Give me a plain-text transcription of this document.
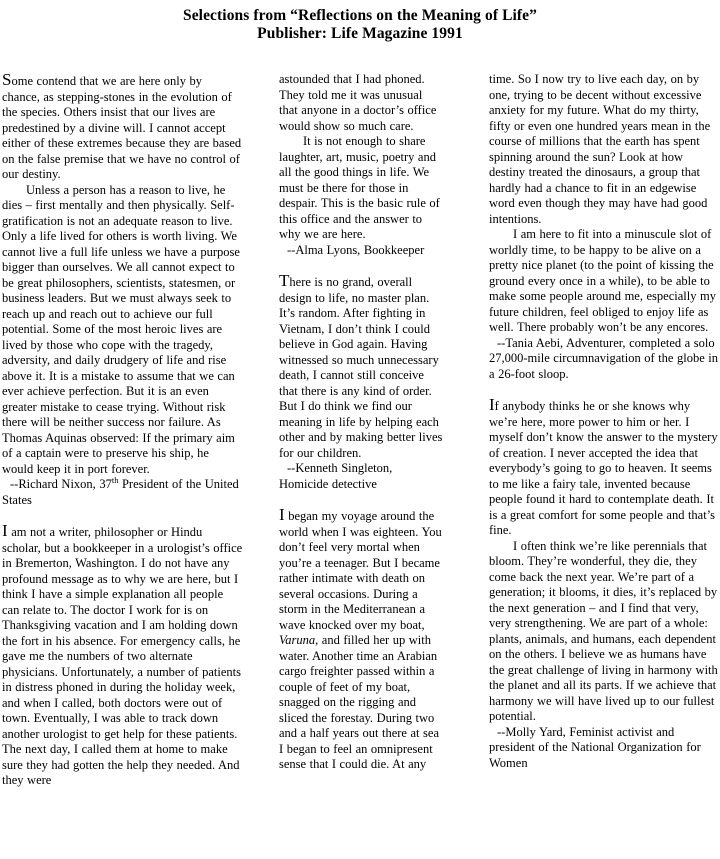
Selections from “Reflections on the Meaning of Life”
Publisher: Life Magazine 1991

Some contend that we are here only by chance, as stepping-stones in the evolution of the species. Others insist that our lives are predestined by a divine will. I cannot accept either of these extremes because they are based on the false premise that we have no control of our destiny.

Unless a person has a reason to live, he dies – first mentally and then physically. Self-gratification is not an adequate reason to live. Only a life lived for others is worth living. We cannot live a full life unless we have a purpose bigger than ourselves. We all cannot expect to be great philosophers, scientists, statesmen, or business leaders. But we must always seek to reach up and reach out to achieve our full potential. Some of the most heroic lives are lived by those who cope with the tragedy, adversity, and daily drudgery of life and rise above it. It is a mistake to assume that we can ever achieve perfection. But it is an even greater mistake to cease trying. Without risk there will be neither success nor failure. As Thomas Aquinas observed: If the primary aim of a captain were to preserve his ship, he would keep it in port forever.

--Richard Nixon, 37th President of the United States

I am not a writer, philosopher or Hindu scholar, but a bookkeeper in a urologist’s office in Bremerton, Washington. I do not have any profound message as to why we are here, but I think I have a simple explanation all people can relate to. The doctor I work for is on Thanksgiving vacation and I am holding down the fort in his absence. For emergency calls, he gave me the numbers of two alternate physicians. Unfortunately, a number of patients in distress phoned in during the holiday week, and when I called, both doctors were out of town. Eventually, I was able to track down another urologist to get help for these patients. The next day, I called them at home to make sure they had gotten the help they needed. And they were

astounded that I had phoned. They told me it was unusual that anyone in a doctor’s office would show so much care.

It is not enough to share laughter, art, music, poetry and all the good things in life. We must be there for those in despair. This is the basic rule of this office and the answer to why we are here.

--Alma Lyons, Bookkeeper

There is no grand, overall design to life, no master plan. It’s random. After fighting in Vietnam, I don’t think I could believe in God again. Having witnessed so much unnecessary death, I cannot still conceive that there is any kind of order. But I do think we find our meaning in life by helping each other and by making better lives for our children.

--Kenneth Singleton, Homicide detective

I began my voyage around the world when I was eighteen. You don’t feel very mortal when you’re a teenager. But I became rather intimate with death on several occasions. During a storm in the Mediterranean a wave knocked over my boat, Varuna, and filled her up with water. Another time an Arabian cargo freighter passed within a couple of feet of my boat, snagged on the rigging and sliced the forestay. During two and a half years out there at sea I began to feel an omnipresent sense that I could die. At any

time. So I now try to live each day, on by one, trying to be decent without excessive anxiety for my future. What do my thirty, fifty or even one hundred years mean in the course of millions that the earth has spent spinning around the sun? Look at how destiny treated the dinosaurs, a group that hardly had a chance to fit in an edgewise word even though they may have had good intentions.

I am here to fit into a minuscule slot of worldly time, to be happy to be alive on a pretty nice planet (to the point of kissing the ground every once in a while), to be able to make some people around me, especially my future children, feel obliged to enjoy life as well. There probably won’t be any encores.

--Tania Aebi, Adventurer, completed a solo 27,000-mile circumnavigation of the globe in a 26-foot sloop.

If anybody thinks he or she knows why we’re here, more power to him or her. I myself don’t know the answer to the mystery of creation. I never accepted the idea that everybody’s going to go to heaven. It seems to me like a fairy tale, invented because people found it hard to contemplate death. It is a great comfort for some people and that’s fine.

I often think we’re like perennials that bloom. They’re wonderful, they die, they come back the next year. We’re part of a generation; it blooms, it dies, it’s replaced by the next generation – and I find that very, very strengthening. We are part of a whole: plants, animals, and humans, each dependent on the others. I believe we as humans have the great challenge of living in harmony with the planet and all its parts. If we achieve that harmony we will have lived up to our fullest potential.

--Molly Yard, Feminist activist and president of the National Organization for Women
